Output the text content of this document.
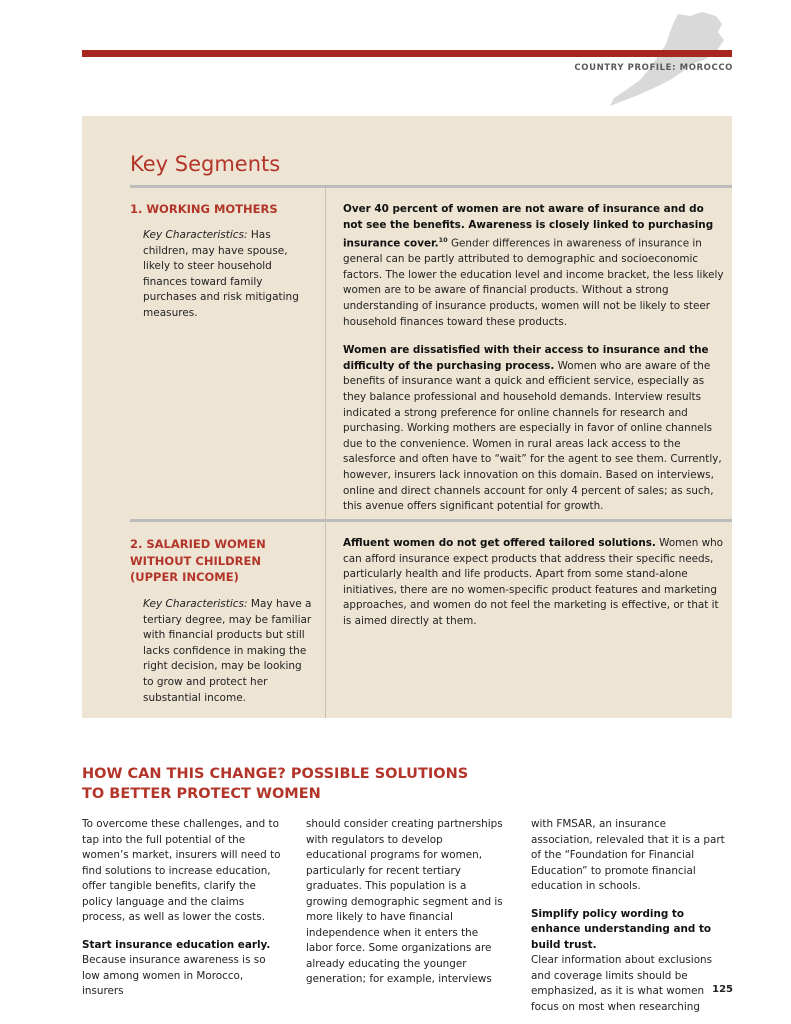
COUNTRY PROFILE: MOROCCO
Key Segments
1. WORKING MOTHERS
Key Characteristics: Has children, may have spouse, likely to steer household finances toward family purchases and risk mitigating measures.

Over 40 percent of women are not aware of insurance and do not see the benefits. Awareness is closely linked to purchasing insurance cover.$^{10}$ Gender differences in awareness of insurance in general can be partly attributed to demographic and socioeconomic factors. The lower the education level and income bracket, the less likely women are to be aware of financial products. Without a strong understanding of insurance products, women will not be likely to steer household finances toward these products.

Women are dissatisfied with their access to insurance and the difficulty of the purchasing process. Women who are aware of the benefits of insurance want a quick and efficient service, especially as they balance professional and household demands. Interview results indicated a strong preference for online channels for research and purchasing. Working mothers are especially in favor of online channels due to the convenience. Women in rural areas lack access to the salesforce and often have to “wait” for the agent to see them. Currently, however, insurers lack innovation on this domain. Based on interviews, online and direct channels account for only 4 percent of sales; as such, this avenue offers significant potential for growth.

2. SALARIED WOMEN
WITHOUT CHILDREN
(UPPER INCOME)
Key Characteristics: May have a tertiary degree, may be familiar with financial products but still lacks confidence in making the right decision, may be looking to grow and protect her substantial income.

Affluent women do not get offered tailored solutions. Women who can afford insurance expect products that address their specific needs, particularly health and life products. Apart from some stand-alone initiatives, there are no women-specific product features and marketing approaches, and women do not feel the marketing is effective, or that it is aimed directly at them.

HOW CAN THIS CHANGE? POSSIBLE SOLUTIONS
TO BETTER PROTECT WOMEN

To overcome these challenges, and to tap into the full potential of the women’s market, insurers will need to find solutions to increase education, offer tangible benefits, clarify the policy language and the claims process, as well as lower the costs.

Start insurance education early.
Because insurance awareness is so low among women in Morocco, insurers
should consider creating partnerships with regulators to develop educational programs for women, particularly for recent tertiary graduates. This population is a growing demographic segment and is more likely to have financial independence when it enters the labor force. Some organizations are already educating the younger generation; for example, interviews

with FMSAR, an insurance association, relevaled that it is a part of the “Foundation for Financial Education” to promote financial education in schools.

Simplify policy wording to enhance understanding and to build trust.
Clear information about exclusions and coverage limits should be emphasized, as it is what women focus on most when researching
125
